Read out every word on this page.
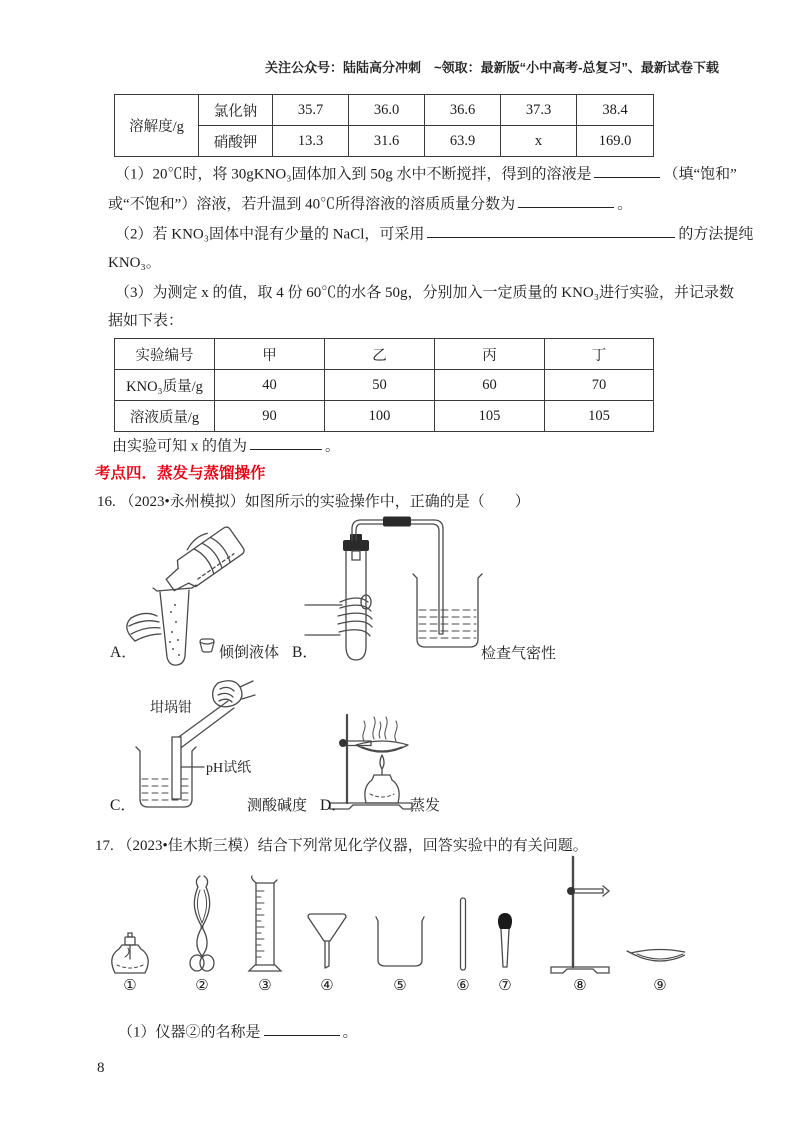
关注公众号：陆陆高分冲刺　~领取：最新版“小中高考-总复习”、最新试卷下载
溶解度/g	氯化钠	35.7	36.0	36.6	37.3	38.4
	硝酸钾	13.3	31.6	63.9	x	169.0
（1）20℃时，将 30gKNO₃固体加入到 50g 水中不断搅拌，得到的溶液是	（填“饱和”
或“不饱和”）溶液，若升温到 40℃所得溶液的溶质质量分数为	。
（2）若 KNO₃固体中混有少量的 NaCl，可采用	的方法提纯
KNO₃。
（3）为测定 x 的值，取 4 份 60℃的水各 50g，分别加入一定质量的 KNO₃进行实验，并记录数
据如下表：
实验编号	甲	乙	丙	丁
KNO₃质量/g	40	50	60	70
溶液质量/g	90	100	105	105
由实验可知 x 的值为	。
考点四．蒸发与蒸馏操作
16. （2023•永州模拟）如图所示的实验操作中，正确的是（　　）
A．	倾倒液体 B．	检查气密性
坩埚钳
pH试纸
C．	测酸碱度 D．	蒸发
17. （2023•佳木斯三模）结合下列常见化学仪器，回答实验中的有关问题。
①	②	③	④	⑤	⑥ ⑦	⑧	⑨
（1）仪器②的名称是	。
8
